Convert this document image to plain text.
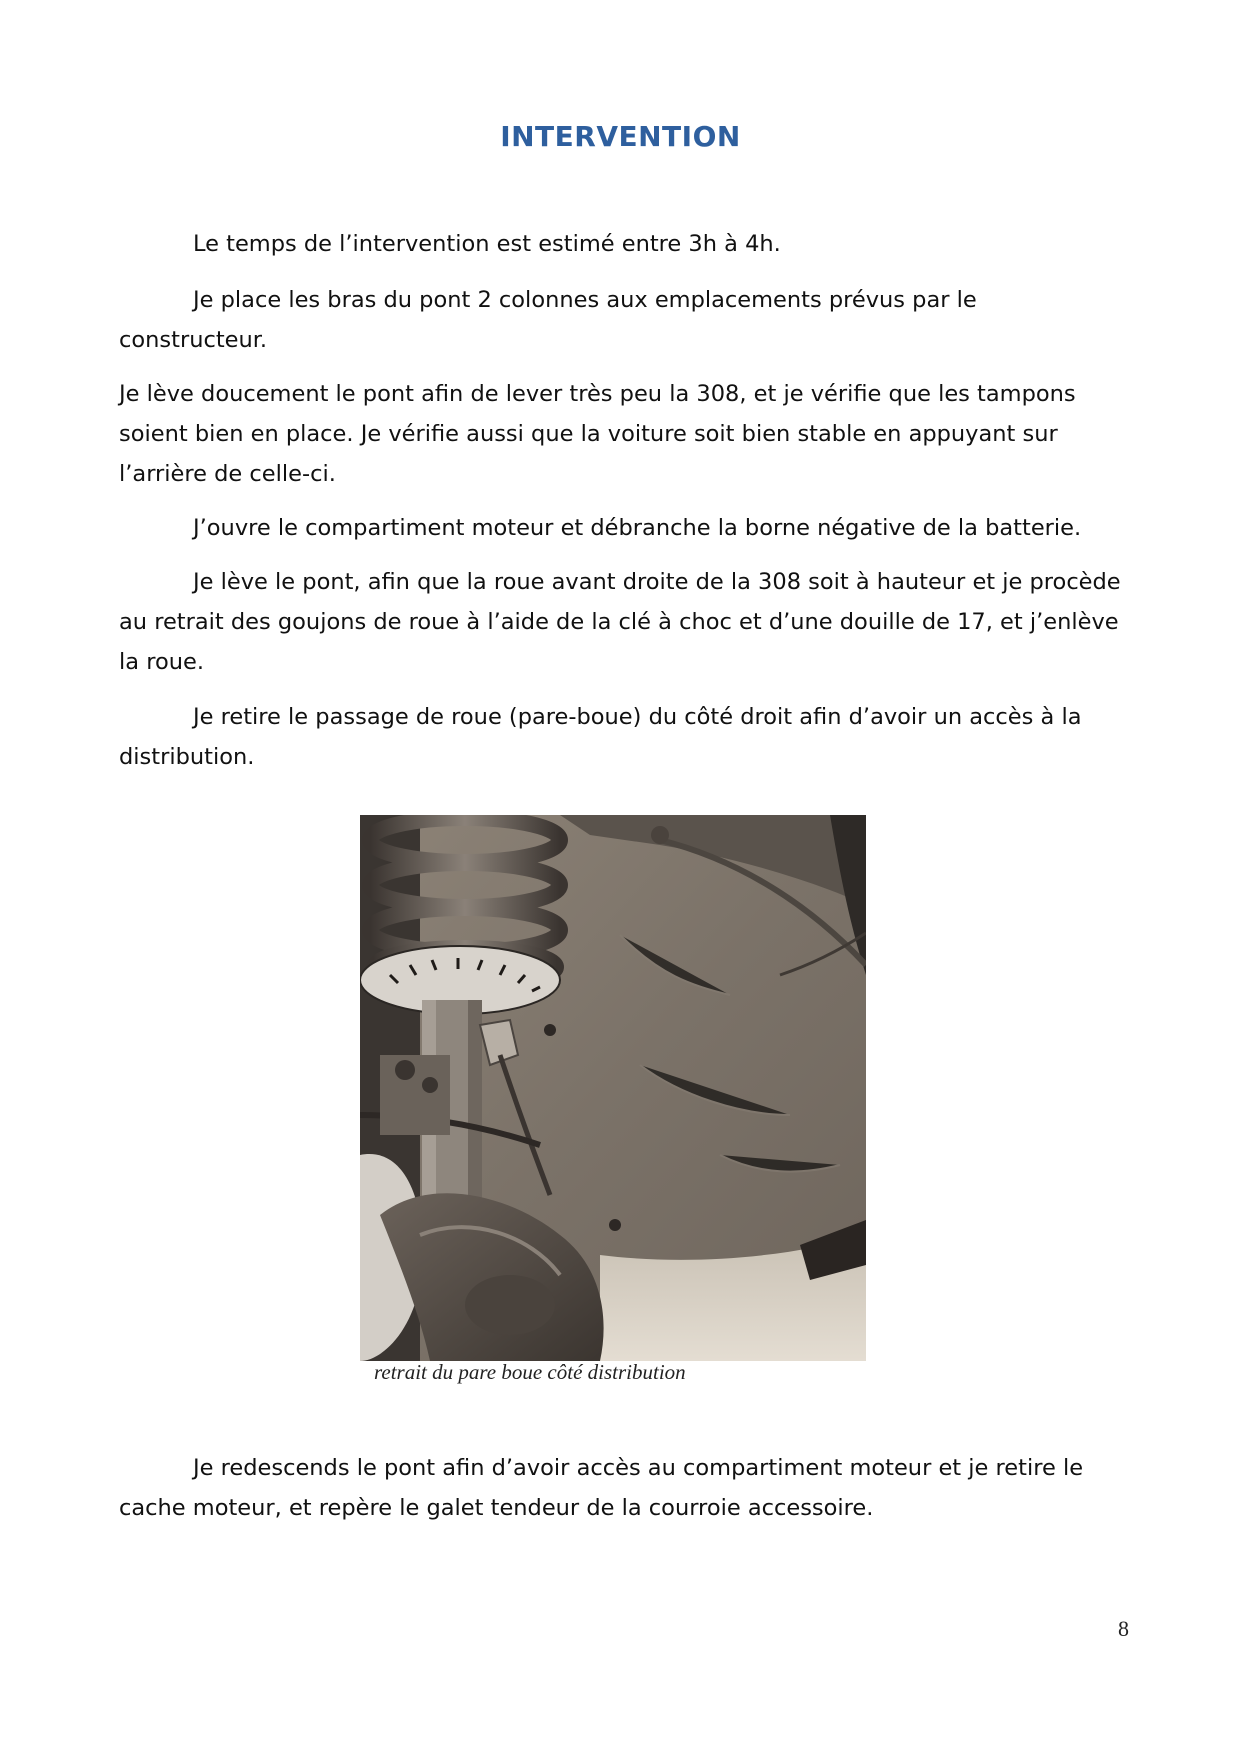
INTERVENTION

Le temps de l’intervention est estimé entre 3h à 4h.

Je place les bras du pont 2 colonnes aux emplacements prévus par le constructeur.

Je lève doucement le pont afin de lever très peu la 308, et je vérifie que les tampons soient bien en place. Je vérifie aussi que la voiture soit bien stable en appuyant sur l’arrière de celle-ci.

J’ouvre le compartiment moteur et débranche la borne négative de la batterie.

Je lève le pont, afin que la roue avant droite de la 308 soit à hauteur et je procède au retrait des goujons de roue à l’aide de la clé à choc et d’une douille de 17, et j’enlève la roue.

Je retire le passage de roue (pare-boue) du côté droit afin d’avoir un accès à la distribution.

retrait du pare boue côté distribution

Je redescends le pont afin d’avoir accès au compartiment moteur et je retire le cache moteur, et repère le galet tendeur de la courroie accessoire.

8
